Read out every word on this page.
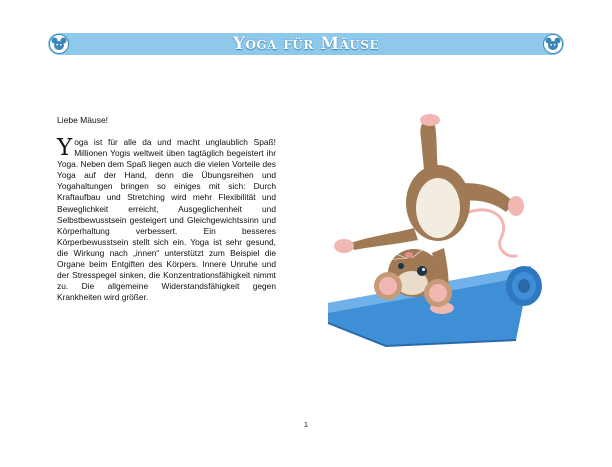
Yoga für Mäuse
Liebe Mäuse!
Y oga ist für alle da und macht unglaublich Spaß! Millionen Yogis weltweit üben tagtäglich begeistert ihr Yoga. Neben dem Spaß liegen auch die vielen Vorteile des Yoga auf der Hand, denn die Übungsreihen und Yogahaltungen bringen so einiges mit sich: Durch Kraftaufbau und Stretching wird mehr Flexibilität und Beweglichkeit erreicht, Ausgeglichenheit und Selbstbewusstsein gesteigert und Gleichgewichtssinn und Körperhaltung verbessert. Ein besseres Körperbewusstsein stellt sich ein. Yoga ist sehr gesund, die Wirkung nach „innen“ unterstützt zum Beispiel die Organe beim Entgiften des Körpers. Innere Unruhe und der Stresspegel sinken, die Konzentrationsfähigkeit nimmt zu. Die allgemeine Widerstandsfähigkeit gegen Krankheiten wird größer.
1
